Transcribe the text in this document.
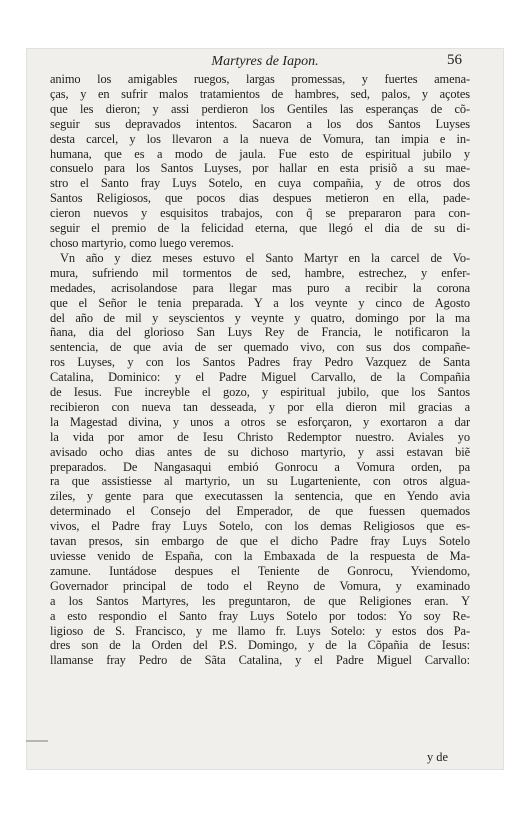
Martyres de Iapon.	56
animo los amigables ruegos, largas promessas, y fuertes amena-
ças, y en sufrir malos tratamientos de hambres, sed, palos, y açotes
que les dieron; y assi perdieron los Gentiles las esperanças de cõ-
seguir sus depravados intentos. Sacaron a los dos Santos Luyses
desta carcel, y los llevaron a la nueva de Vomura, tan impia e in-
humana, que es a modo de jaula. Fue esto de espiritual jubilo y
consuelo para los Santos Luyses, por hallar en esta prisiõ a su mae-
stro el Santo fray Luys Sotelo, en cuya compañia, y de otros dos
Santos Religiosos, que pocos dias despues metieron en ella, pade-
cieron nuevos y esquisitos trabajos, con q̃ se prepararon para con-
seguir el premio de la felicidad eterna, que llegó el dia de su di-
choso martyrio, como luego veremos.
Vn año y diez meses estuvo el Santo Martyr en la carcel de Vo-
mura, sufriendo mil tormentos de sed, hambre, estrechez, y enfer-
medades, acrisolandose para llegar mas puro a recibir la corona
que el Señor le tenia preparada. Y a los veynte y cinco de Agosto
del año de mil y seyscientos y veynte y quatro, domingo por la ma
ñana, dia del glorioso San Luys Rey de Francia, le notificaron la
sentencia, de que avia de ser quemado vivo, con sus dos compañe-
ros Luyses, y con los Santos Padres fray Pedro Vazquez de Santa
Catalina, Dominico: y el Padre Miguel Carvallo, de la Compañia
de Iesus. Fue increyble el gozo, y espiritual jubilo, que los Santos
recibieron con nueva tan desseada, y por ella dieron mil gracias a
la Magestad divina, y unos a otros se esforçaron, y exortaron a dar
la vida por amor de Iesu Christo Redemptor nuestro. Aviales yo
avisado ocho dias antes de su dichoso martyrio, y assi estavan biẽ
preparados. De Nangasaqui embió Gonrocu a Vomura orden, pa
ra que assistiesse al martyrio, un su Lugarteniente, con otros algua-
ziles, y gente para que executassen la sentencia, que en Yendo avia
determinado el Consejo del Emperador, de que fuessen quemados
vivos, el Padre fray Luys Sotelo, con los demas Religiosos que es-
tavan presos, sin embargo de que el dicho Padre fray Luys Sotelo
uviesse venido de España, con la Embaxada de la respuesta de Ma-
zamune. Iuntádose despues el Teniente de Gonrocu, Yviendomo,
Governador principal de todo el Reyno de Vomura, y examinado
a los Santos Martyres, les preguntaron, de que Religiones eran. Y
a esto respondio el Santo fray Luys Sotelo por todos: Yo soy Re-
ligioso de S. Francisco, y me llamo fr. Luys Sotelo: y estos dos Pa-
dres son de la Orden del P.S. Domingo, y de la Cõpañia de Iesus:
llamanse fray Pedro de Sãta Catalina, y el Padre Miguel Carvallo:
y de
